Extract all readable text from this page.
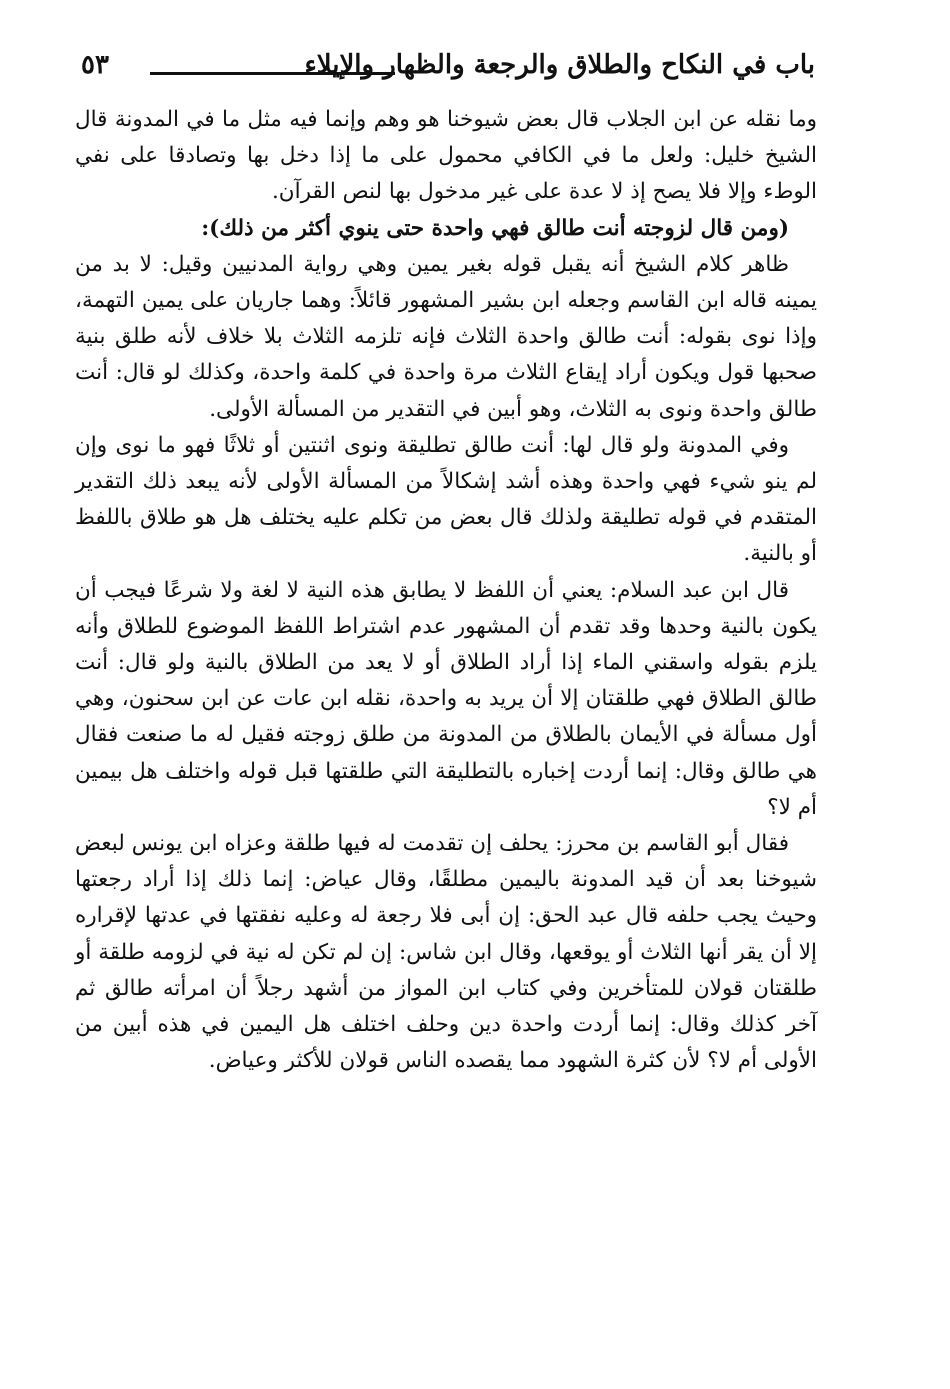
باب في النكاح والطلاق والرجعة والظهار والإيلاء
٥٣

وما نقله عن ابن الجلاب قال بعض شيوخنا هو وهم وإنما فيه مثل ما في المدونة قال الشيخ خليل: ولعل ما في الكافي محمول على ما إذا دخل بها وتصادقا على نفي الوطء وإلا فلا يصح إذ لا عدة على غير مدخول بها لنص القرآن.

(ومن قال لزوجته أنت طالق فهي واحدة حتى ينوي أكثر من ذلك):

ظاهر كلام الشيخ أنه يقبل قوله بغير يمين وهي رواية المدنيين وقيل: لا بد من يمينه قاله ابن القاسم وجعله ابن بشير المشهور قائلاً: وهما جاريان على يمين التهمة، وإذا نوى بقوله: أنت طالق واحدة الثلاث فإنه تلزمه الثلاث بلا خلاف لأنه طلق بنية صحبها قول ويكون أراد إيقاع الثلاث مرة واحدة في كلمة واحدة، وكذلك لو قال: أنت طالق واحدة ونوى به الثلاث، وهو أبين في التقدير من المسألة الأولى.

وفي المدونة ولو قال لها: أنت طالق تطليقة ونوى اثنتين أو ثلاثًا فهو ما نوى وإن لم ينو شيء فهي واحدة وهذه أشد إشكالاً من المسألة الأولى لأنه يبعد ذلك التقدير المتقدم في قوله تطليقة ولذلك قال بعض من تكلم عليه يختلف هل هو طلاق باللفظ أو بالنية.

قال ابن عبد السلام: يعني أن اللفظ لا يطابق هذه النية لا لغة ولا شرعًا فيجب أن يكون بالنية وحدها وقد تقدم أن المشهور عدم اشتراط اللفظ الموضوع للطلاق وأنه يلزم بقوله واسقني الماء إذا أراد الطلاق أو لا يعد من الطلاق بالنية ولو قال: أنت طالق الطلاق فهي طلقتان إلا أن يريد به واحدة، نقله ابن عات عن ابن سحنون، وهي أول مسألة في الأيمان بالطلاق من المدونة من طلق زوجته فقيل له ما صنعت فقال هي طالق وقال: إنما أردت إخباره بالتطليقة التي طلقتها قبل قوله واختلف هل بيمين أم لا؟

فقال أبو القاسم بن محرز: يحلف إن تقدمت له فيها طلقة وعزاه ابن يونس لبعض شيوخنا بعد أن قيد المدونة باليمين مطلقًا، وقال عياض: إنما ذلك إذا أراد رجعتها وحيث يجب حلفه قال عبد الحق: إن أبى فلا رجعة له وعليه نفقتها في عدتها لإقراره إلا أن يقر أنها الثلاث أو يوقعها، وقال ابن شاس: إن لم تكن له نية في لزومه طلقة أو طلقتان قولان للمتأخرين وفي كتاب ابن المواز من أشهد رجلاً أن امرأته طالق ثم آخر كذلك وقال: إنما أردت واحدة دين وحلف اختلف هل اليمين في هذه أبين من الأولى أم لا؟ لأن كثرة الشهود مما يقصده الناس قولان للأكثر وعياض.
